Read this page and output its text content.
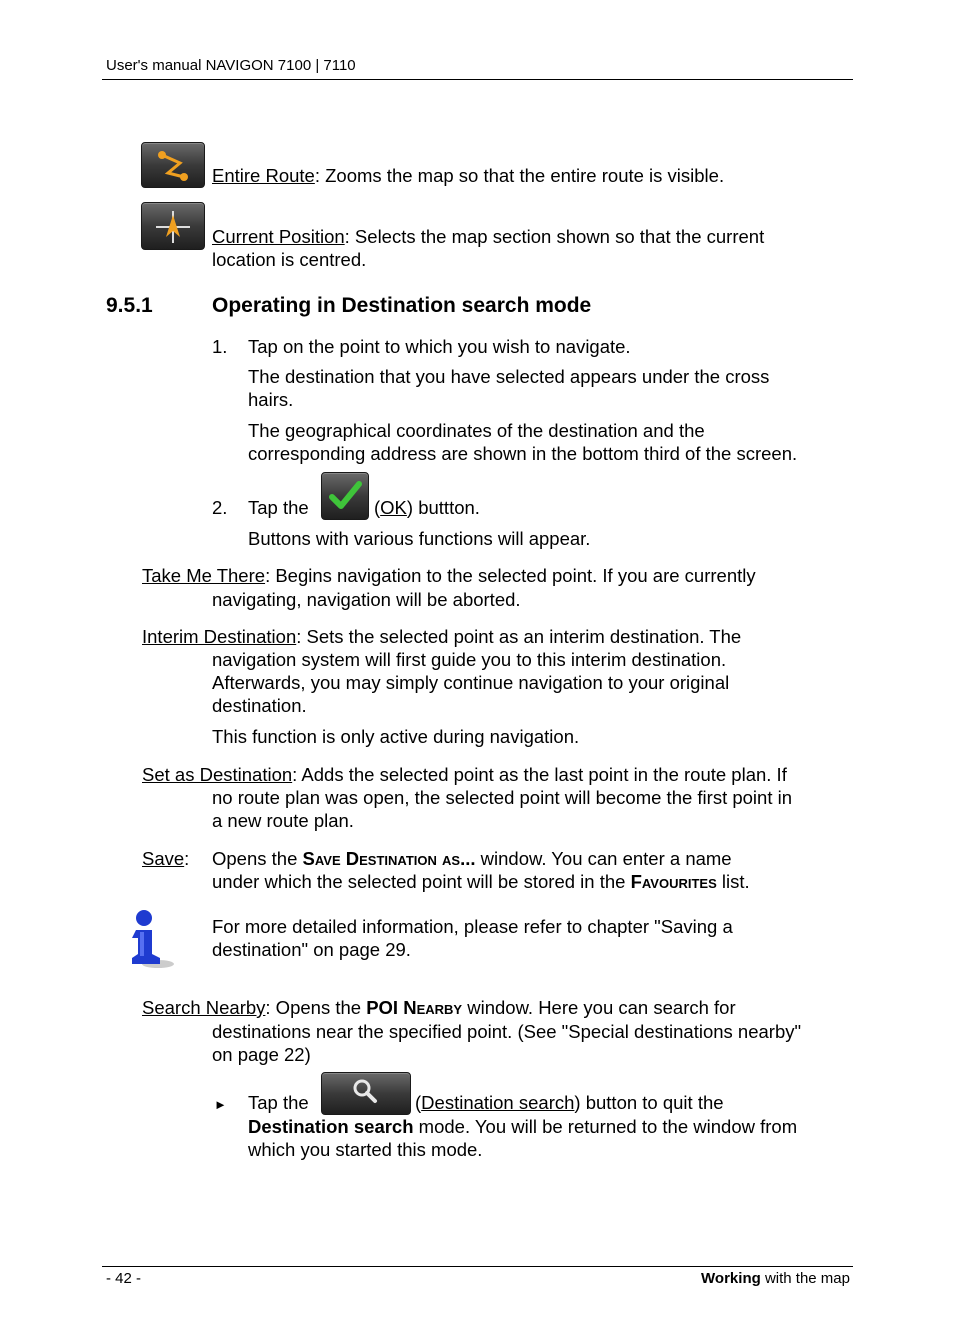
User's manual NAVIGON 7100 | 7110
Entire Route: Zooms the map so that the entire route is visible.
Current Position: Selects the map section shown so that the current
location is centred.
9.5.1	Operating in Destination search mode
1. Tap on the point to which you wish to navigate.
The destination that you have selected appears under the cross
hairs.
The geographical coordinates of the destination and the
corresponding address are shown in the bottom third of the screen.
2. Tap the	(OK) buttton.
Buttons with various functions will appear.
Take Me There: Begins navigation to the selected point. If you are currently
navigating, navigation will be aborted.
Interim Destination: Sets the selected point as an interim destination. The
navigation system will first guide you to this interim destination.
Afterwards, you may simply continue navigation to your original
destination.
This function is only active during navigation.
Set as Destination: Adds the selected point as the last point in the route plan. If
no route plan was open, the selected point will become the first point in
a new route plan.
Save: Opens the Save Destination as... window. You can enter a name
under which the selected point will be stored in the Favourites list.
For more detailed information, please refer to chapter "Saving a
destination" on page 29.
Search Nearby: Opens the POI Nearby window. Here you can search for
destinations near the specified point. (See "Special destinations nearby"
on page 22)
► Tap the	(Destination search) button to quit the
Destination search mode. You will be returned to the window from
which you started this mode.
- 42 -	Working with the map
